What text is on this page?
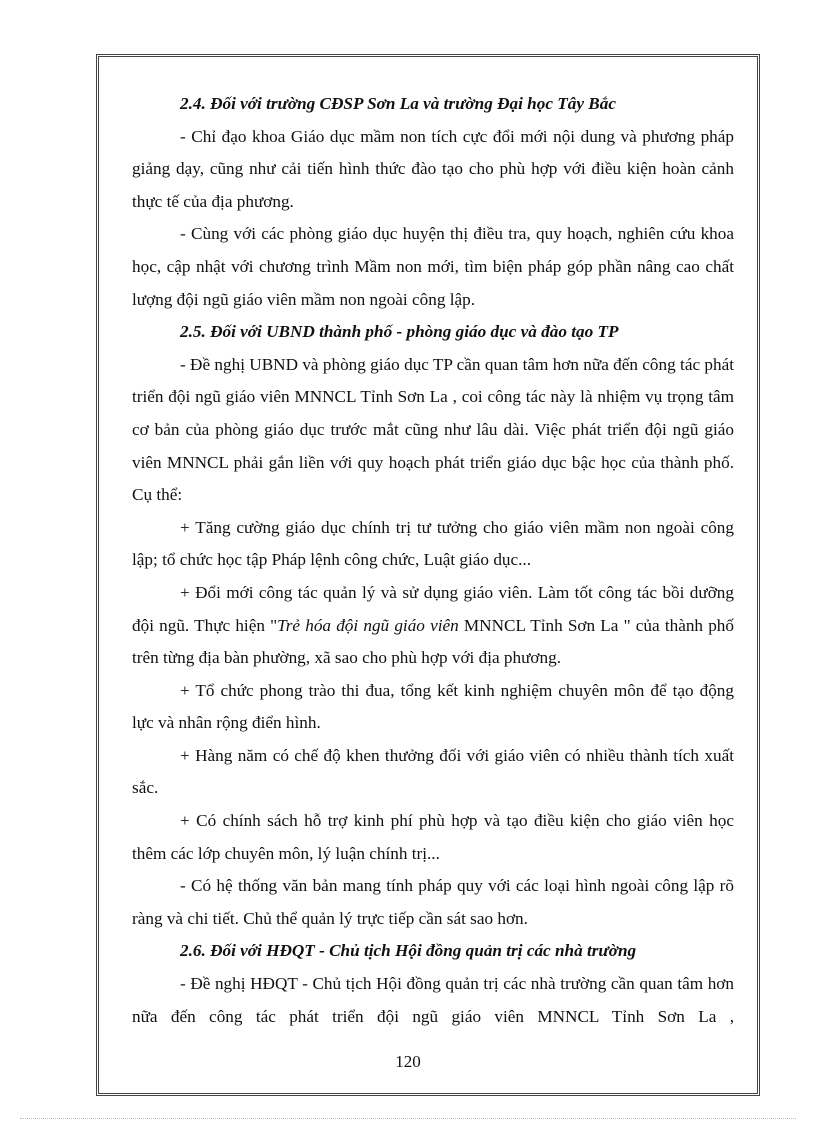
2.4. Đối với trường CĐSP Sơn La và trường Đại học Tây Bắc

- Chỉ đạo khoa Giáo dục mầm non tích cực đổi mới nội dung và phương pháp giảng dạy, cũng như cải tiến hình thức đào tạo cho phù hợp với điều kiện hoàn cảnh thực tế của địa phương.

- Cùng với các phòng giáo dục huyện thị điều tra, quy hoạch, nghiên cứu khoa học, cập nhật với chương trình Mầm non mới, tìm biện pháp góp phần nâng cao chất lượng đội ngũ giáo viên mầm non ngoài công lập.

2.5. Đối với UBND thành phố - phòng giáo dục và đào tạo TP

- Đề nghị UBND và phòng giáo dục TP cần quan tâm hơn nữa đến công tác phát triển đội ngũ giáo viên MNNCL Tỉnh Sơn La , coi công tác này là nhiệm vụ trọng tâm cơ bản của phòng giáo dục trước mắt cũng như lâu dài. Việc phát triển đội ngũ giáo viên MNNCL phải gắn liền với quy hoạch phát triển giáo dục bậc học của thành phố. Cụ thể:

+ Tăng cường giáo dục chính trị tư tưởng cho giáo viên mầm non ngoài công lập; tổ chức học tập Pháp lệnh công chức, Luật giáo dục...

+ Đổi mới công tác quản lý và sử dụng giáo viên. Làm tốt công tác bồi dưỡng đội ngũ. Thực hiện "Trẻ hóa đội ngũ giáo viên MNNCL Tỉnh Sơn La " của thành phố trên từng địa bàn phường, xã sao cho phù hợp với địa phương.

+ Tổ chức phong trào thi đua, tổng kết kinh nghiệm chuyên môn để tạo động lực và nhân rộng điển hình.

+ Hàng năm có chế độ khen thưởng đối với giáo viên có nhiều thành tích xuất sắc.

+ Có chính sách hỗ trợ kinh phí phù hợp và tạo điều kiện cho giáo viên học thêm các lớp chuyên môn, lý luận chính trị...

- Có hệ thống văn bản mang tính pháp quy với các loại hình ngoài công lập rõ ràng và chi tiết. Chủ thể quản lý trực tiếp cần sát sao hơn.

2.6. Đối với HĐQT - Chủ tịch Hội đồng quản trị các nhà trường

- Đề nghị HĐQT - Chủ tịch Hội đồng quản trị các nhà trường cần quan tâm hơn nữa đến công tác phát triển đội ngũ giáo viên MNNCL Tỉnh Sơn La ,

120
